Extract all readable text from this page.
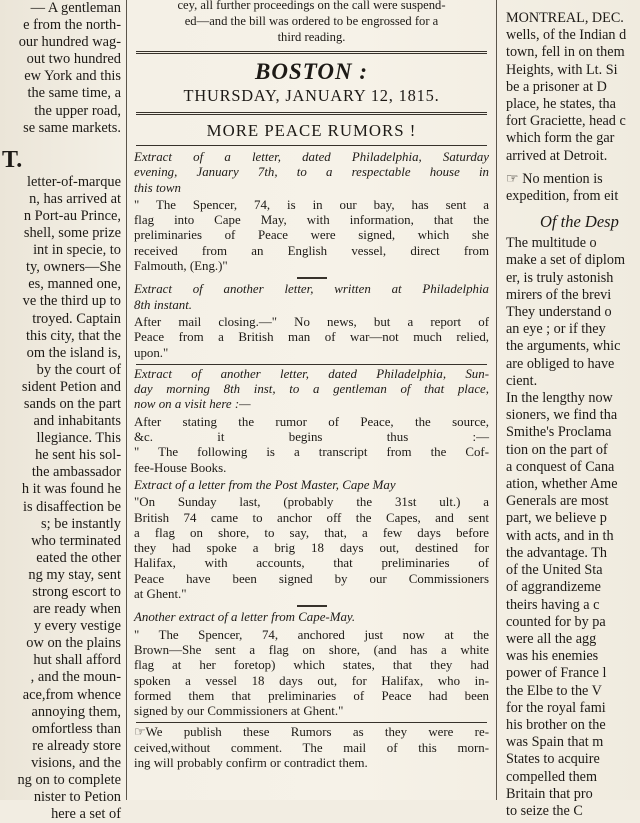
— A gentleman
e from the north-
our hundred wag-
out two hundred
ew York and this
the same time, a
the upper road,
se same markets.
T.
letter-of-marque
n, has arrived at
n Port-au Prince,
shell, some prize
int in specie, to
ty, owners—She
es, manned one,
ve the third up to
troyed. Captain
this city, that the
om the island is,
by the court of
sident Petion and
sands on the part
and inhabitants
llegiance. This
he sent his sol-
the ambassador
h it was found he
is disaffection be
s; be instantly
who terminated
eated the other
ng my stay, sent
strong escort to
are ready when
y every vestige
ow on the plains
hut shall afford
, and the moun-
ace,from whence
annoying them,
omfortless than
re already store
visions, and the
ng on to complete
nister to Petion
here a set of
cey, all further proceedings on the call were suspend-
ed—and the bill was ordered to be engrossed for a
third reading.
BOSTON :
THURSDAY, JANUARY 12, 1815.
MORE PEACE RUMORS !
Extract of a letter, dated Philadelphia, Saturday
evening, January 7th, to a respectable house in
this town
" The Spencer, 74, is in our bay, has sent a
flag into Cape May, with information, that the
preliminaries of Peace were signed, which she
received from an English vessel, direct from
Falmouth, (Eng.)"
Extract of another letter, written at Philadelphia
8th instant.
After mail closing.—" No news, but a report of
Peace from a British man of war—not much relied,
upon."
Extract of another letter, dated Philadelphia, Sun-
day morning 8th inst, to a gentleman of that place,
now on a visit here :—
After stating the rumor of Peace, the source,
&c. it begins thus :—
" The following is a transcript from the Cof-
fee-House Books.
Extract of a letter from the Post Master, Cape May
"On Sunday last, (probably the 31st ult.) a
British 74 came to anchor off the Capes, and sent
a flag on shore, to say, that, a few days before
they had spoke a brig 18 days out, destined for
Halifax, with accounts, that preliminaries of
Peace have been signed by our Commissioners
at Ghent."
Another extract of a letter from Cape-May.
" The Spencer, 74, anchored just now at the
Brown—She sent a flag on shore, (and has a white
flag at her foretop) which states, that they had
spoken a vessel 18 days out, for Halifax, who in-
formed them that preliminaries of Peace had been
signed by our Commissioners at Ghent."
☞We publish these Rumors as they were re-
ceived,without comment. The mail of this morn-
ing will probably confirm or contradict them.
MONTREAL, DEC.
wells, of the Indian d
town, fell in on them
Heights, with Lt. Si
be a prisoner at D
place, he states, tha
fort Graciette, head c
which form the gar
arrived at Detroit.
☞ No mention is
expedition, from eit
Of the Desp
The multitude o
make a set of diplom
er, is truly astonish
mirers of the brevi
They understand o
an eye ; or if they
the arguments, whic
are obliged to have
cient.
In the lengthy now
sioners, we find tha
Smithe's Proclama
tion on the part of
a conquest of Cana
ation, whether Ame
Generals are most
part, we believe p
with acts, and in th
the advantage. Th
of the United Sta
of aggrandizeme
theirs having a c
counted for by pa
were all the agg
was his enemies
power of France l
the Elbe to the V
for the royal fami
his brother on the
was Spain that m
States to acquire
compelled them
Britain that pro
to seize the C
